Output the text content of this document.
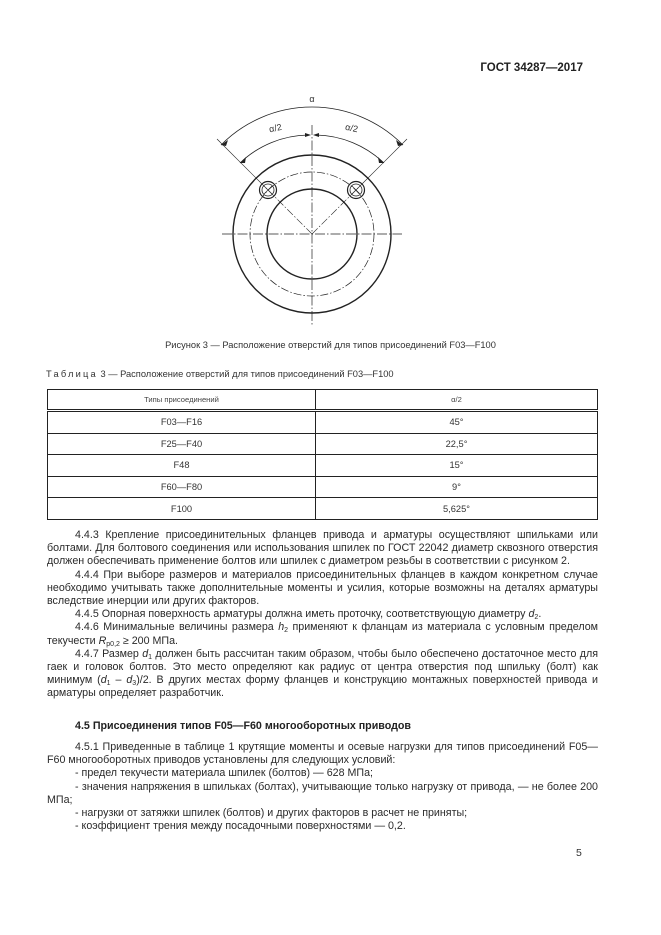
ГОСТ 34287—2017
α
α/2	α/2
Рисунок 3 — Расположение отверстий для типов присоединений F03—F100
Таблица 3 — Расположение отверстий для типов присоединений F03—F100
Типы присоединений	α/2
F03—F16	45°
F25—F40	22,5°
F48	15°
F60—F80	9°
F100	5,625°

4.4.3 Крепление присоединительных фланцев привода и арматуры осуществляют шпильками или болтами. Для болтового соединения или использования шпилек по ГОСТ 22042 диаметр сквозного отверстия должен обеспечивать применение болтов или шпилек с диаметром резьбы в соответствии с рисунком 2.

4.4.4 При выборе размеров и материалов присоединительных фланцев в каждом конкретном случае необходимо учитывать также дополнительные моменты и усилия, которые возможны на деталях арматуры вследствие инерции или других факторов.

4.4.5 Опорная поверхность арматуры должна иметь проточку, соответствующую диаметру $d_2$.

4.4.6 Минимальные величины размера $h_2$ применяют к фланцам из материала с условным пределом текучести $R_{p0,2} \ge 200$ МПа.

4.4.7 Размер $d_1$ должен быть рассчитан таким образом, чтобы было обеспечено достаточное место для гаек и головок болтов. Это место определяют как радиус от центра отверстия под шпильку (болт) как минимум $(d_1 - d_3)/2$. В других местах форму фланцев и конструкцию монтажных поверхностей привода и арматуры определяет разработчик.

4.5 Присоединения типов F05—F60 многооборотных приводов

4.5.1 Приведенные в таблице 1 крутящие моменты и осевые нагрузки для типов присоединений F05—F60 многооборотных приводов установлены для следующих условий:

- предел текучести материала шпилек (болтов) — 628 МПа;

- значения напряжения в шпильках (болтах), учитывающие только нагрузку от привода, — не более 200 МПа;

- нагрузки от затяжки шпилек (болтов) и других факторов в расчет не приняты;

- коэффициент трения между посадочными поверхностями — 0,2.

5
